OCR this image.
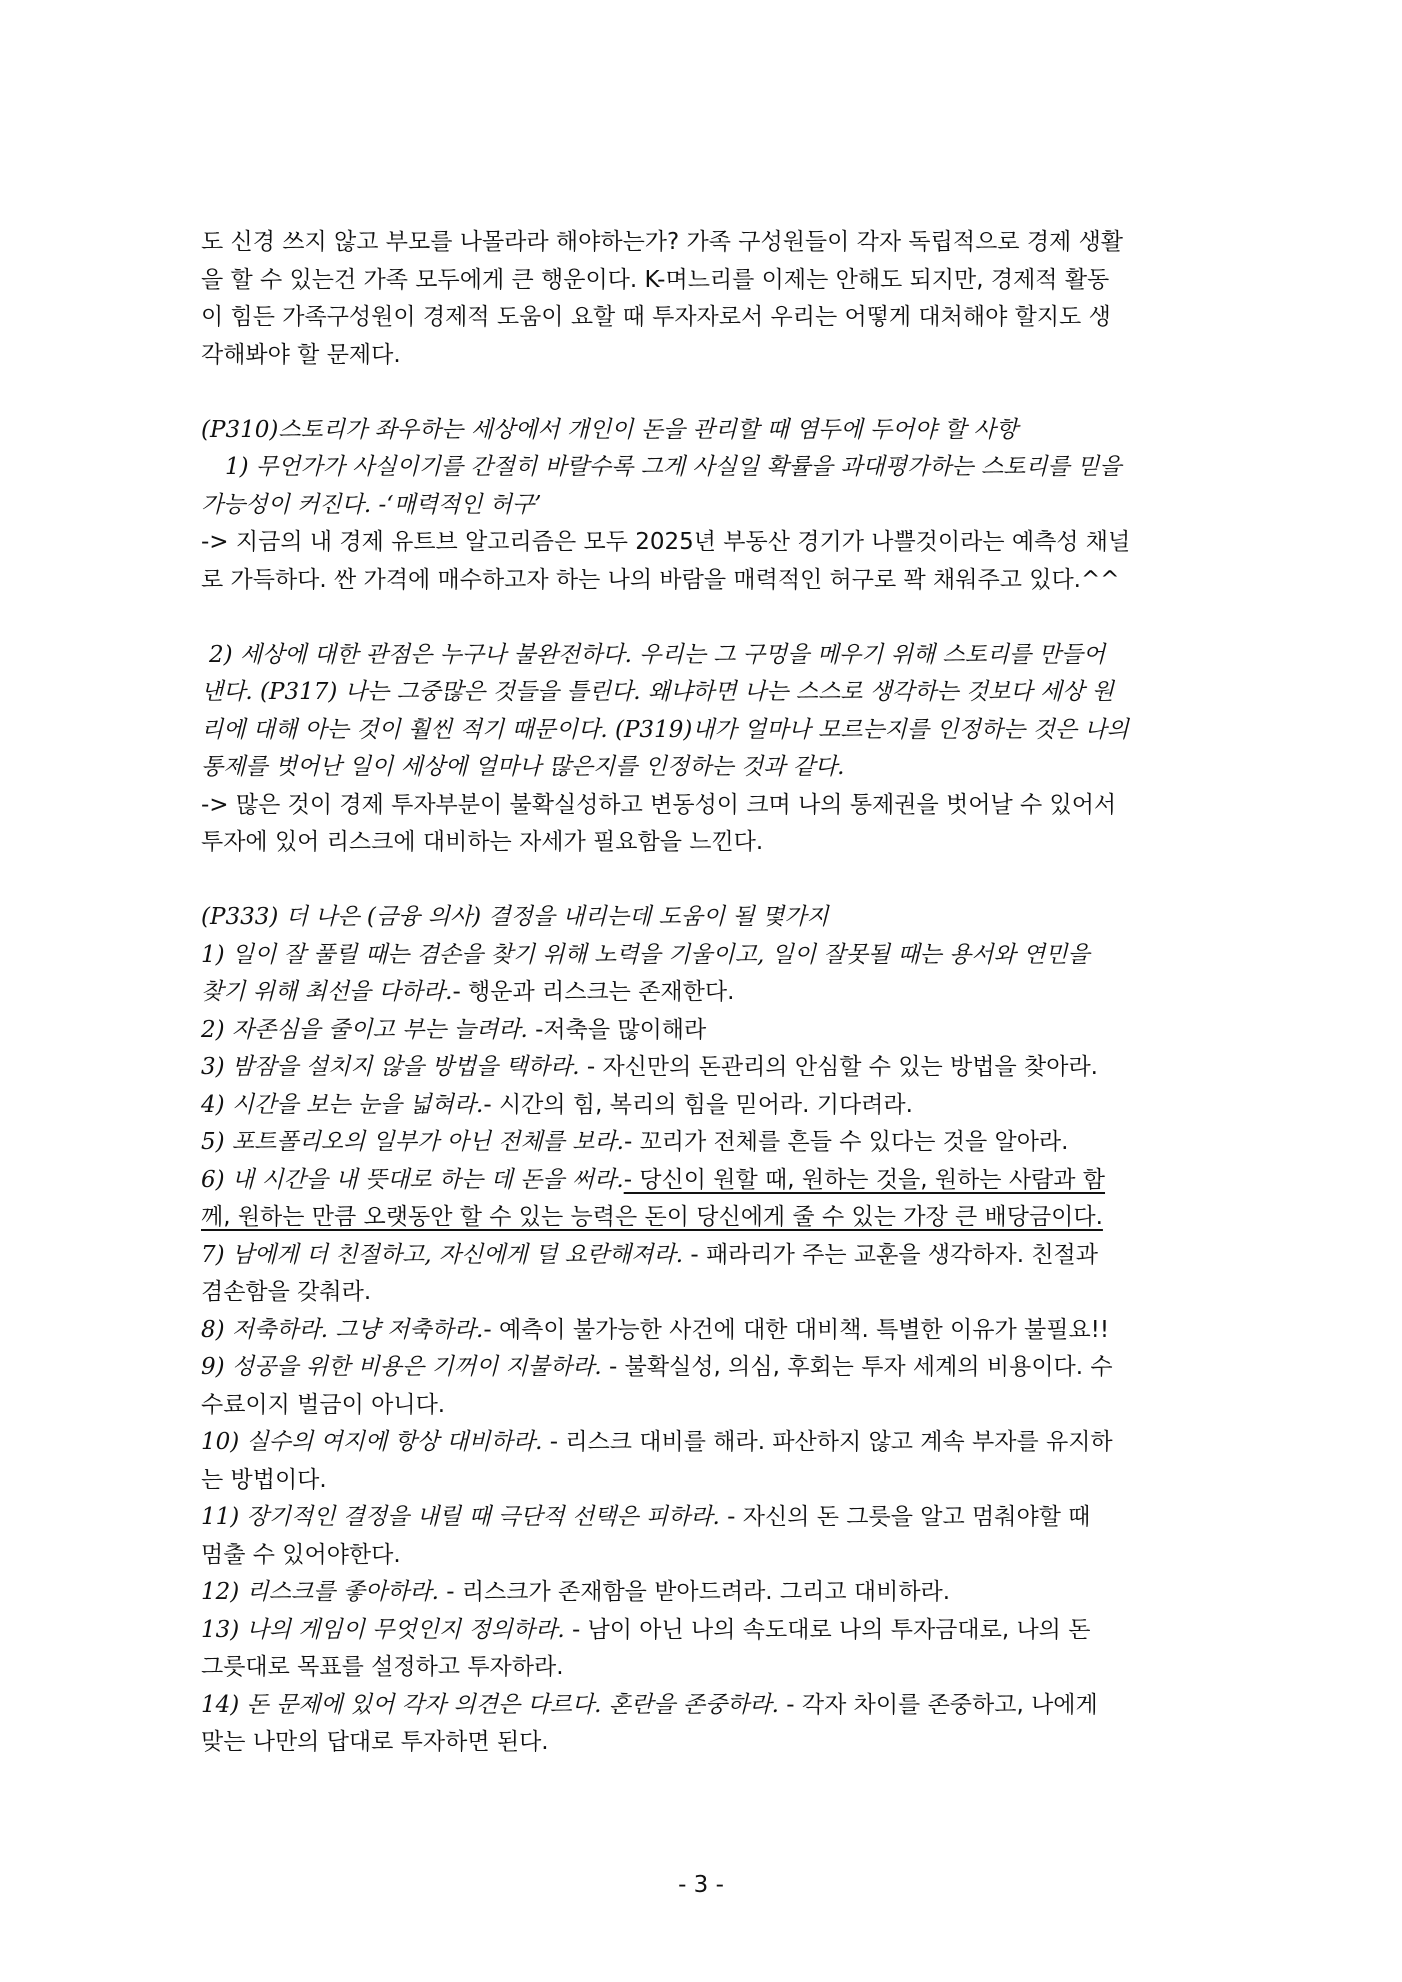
도 신경 쓰지 않고 부모를 나몰라라 해야하는가? 가족 구성원들이 각자 독립적으로 경제 생활
을 할 수 있는건 가족 모두에게 큰 행운이다. K-며느리를 이제는 안해도 되지만, 경제적 활동
이 힘든 가족구성원이 경제적 도움이 요할 때 투자자로서 우리는 어떻게 대처해야 할지도 생
각해봐야 할 문제다.
(P310)스토리가 좌우하는 세상에서 개인이 돈을 관리할 때 염두에 두어야 할 사항
1) 무언가가 사실이기를 간절히 바랄수록 그게 사실일 확률을 과대평가하는 스토리를 믿을
가능성이 커진다. -‘매력적인 허구’
-> 지금의 내 경제 유트브 알고리즘은 모두 2025년 부동산 경기가 나쁠것이라는 예측성 채널
로 가득하다. 싼 가격에 매수하고자 하는 나의 바람을 매력적인 허구로 꽉 채워주고 있다.^^
2) 세상에 대한 관점은 누구나 불완전하다. 우리는 그 구멍을 메우기 위해 스토리를 만들어
낸다. (P317) 나는 그중많은 것들을 틀린다. 왜냐하면 나는 스스로 생각하는 것보다 세상 원
리에 대해 아는 것이 훨씬 적기 때문이다. (P319)내가 얼마나 모르는지를 인정하는 것은 나의
통제를 벗어난 일이 세상에 얼마나 많은지를 인정하는 것과 같다.
-> 많은 것이 경제 투자부분이 불확실성하고 변동성이 크며 나의 통제권을 벗어날 수 있어서
투자에 있어 리스크에 대비하는 자세가 필요함을 느낀다.
(P333) 더 나은 (금융 의사) 결정을 내리는데 도움이 될 몇가지
1) 일이 잘 풀릴 때는 겸손을 찾기 위해 노력을 기울이고, 일이 잘못될 때는 용서와 연민을
찾기 위해 최선을 다하라.- 행운과 리스크는 존재한다.
2) 자존심을 줄이고 부는 늘려라. -저축을 많이해라
3) 밤잠을 설치지 않을 방법을 택하라. - 자신만의 돈관리의 안심할 수 있는 방법을 찾아라.
4) 시간을 보는 눈을 넓혀라.- 시간의 힘, 복리의 힘을 믿어라. 기다려라.
5) 포트폴리오의 일부가 아닌 전체를 보라.- 꼬리가 전체를 흔들 수 있다는 것을 알아라.
6) 내 시간을 내 뜻대로 하는 데 돈을 써라.- 당신이 원할 때, 원하는 것을, 원하는 사람과 함
께, 원하는 만큼 오랫동안 할 수 있는 능력은 돈이 당신에게 줄 수 있는 가장 큰 배당금이다.
7) 남에게 더 친절하고, 자신에게 덜 요란해져라. - 패라리가 주는 교훈을 생각하자. 친절과
겸손함을 갖춰라.
8) 저축하라. 그냥 저축하라.- 예측이 불가능한 사건에 대한 대비책. 특별한 이유가 불필요!!
9) 성공을 위한 비용은 기꺼이 지불하라. - 불확실성, 의심, 후회는 투자 세계의 비용이다. 수
수료이지 벌금이 아니다.
10) 실수의 여지에 항상 대비하라. - 리스크 대비를 해라. 파산하지 않고 계속 부자를 유지하
는 방법이다.
11) 장기적인 결정을 내릴 때 극단적 선택은 피하라. - 자신의 돈 그릇을 알고 멈춰야할 때
멈출 수 있어야한다.
12) 리스크를 좋아하라. - 리스크가 존재함을 받아드려라. 그리고 대비하라.
13) 나의 게임이 무엇인지 정의하라. - 남이 아닌 나의 속도대로 나의 투자금대로, 나의 돈
그릇대로 목표를 설정하고 투자하라.
14) 돈 문제에 있어 각자 의견은 다르다. 혼란을 존중하라. - 각자 차이를 존중하고, 나에게
맞는 나만의 답대로 투자하면 된다.
- 3 -
